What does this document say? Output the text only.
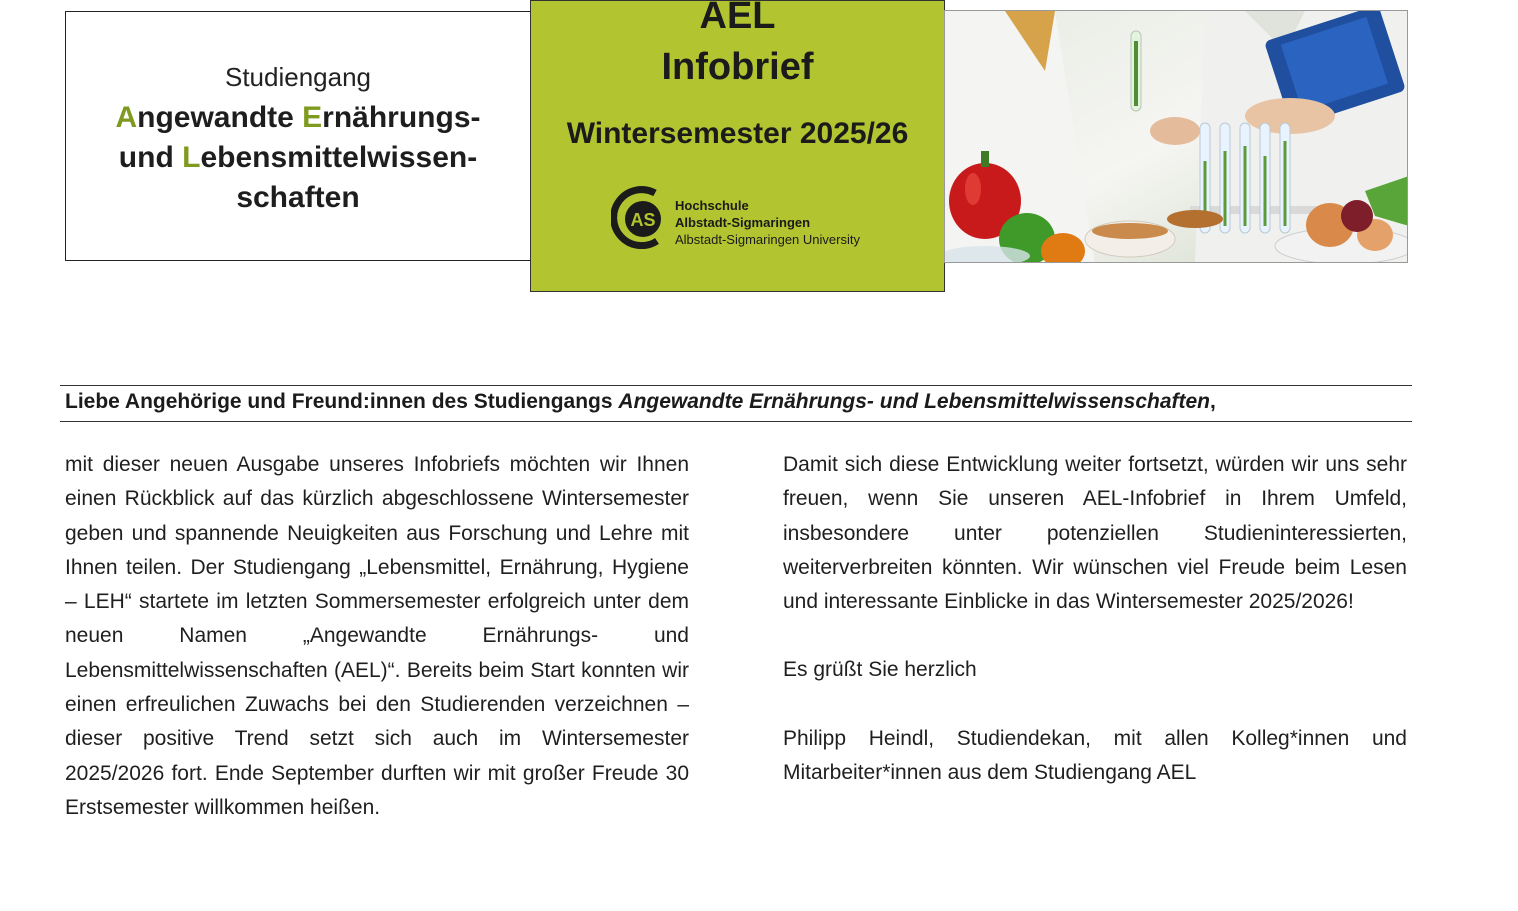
Studiengang
Angewandte Ernährungs-
und Lebensmittelwissen-
schaften
AEL
Infobrief
Wintersemester 2025/26
AS
Hochschule
Albstadt-Sigmaringen
Albstadt-Sigmaringen University
Liebe Angehörige und Freund:innen des Studiengangs Angewandte Ernährungs- und Lebensmittelwissenschaften,

mit dieser neuen Ausgabe unseres Infobriefs möchten wir Ihnen einen Rückblick auf das kürzlich abgeschlossene Wintersemester geben und spannende Neuigkeiten aus Forschung und Lehre mit Ihnen teilen. Der Studiengang „Lebensmittel, Ernährung, Hygiene – LEH“ startete im letzten Sommersemester erfolgreich unter dem neuen Namen „Angewandte Ernährungs- und Lebensmittelwissenschaften (AEL)“. Bereits beim Start konnten wir einen erfreulichen Zuwachs bei den Studierenden verzeichnen – dieser positive Trend setzt sich auch im Wintersemester 2025/2026 fort. Ende September durften wir mit großer Freude 30 Erstsemester willkommen heißen.

Damit sich diese Entwicklung weiter fortsetzt, würden wir uns sehr freuen, wenn Sie unseren AEL-Infobrief in Ihrem Umfeld, insbesondere unter potenziellen Studieninteressierten, weiterverbreiten könnten. Wir wünschen viel Freude beim Lesen und interessante Einblicke in das Wintersemester 2025/2026!

Es grüßt Sie herzlich

Philipp Heindl, Studiendekan, mit allen Kolleg*innen und Mitarbeiter*innen aus dem Studiengang AEL
